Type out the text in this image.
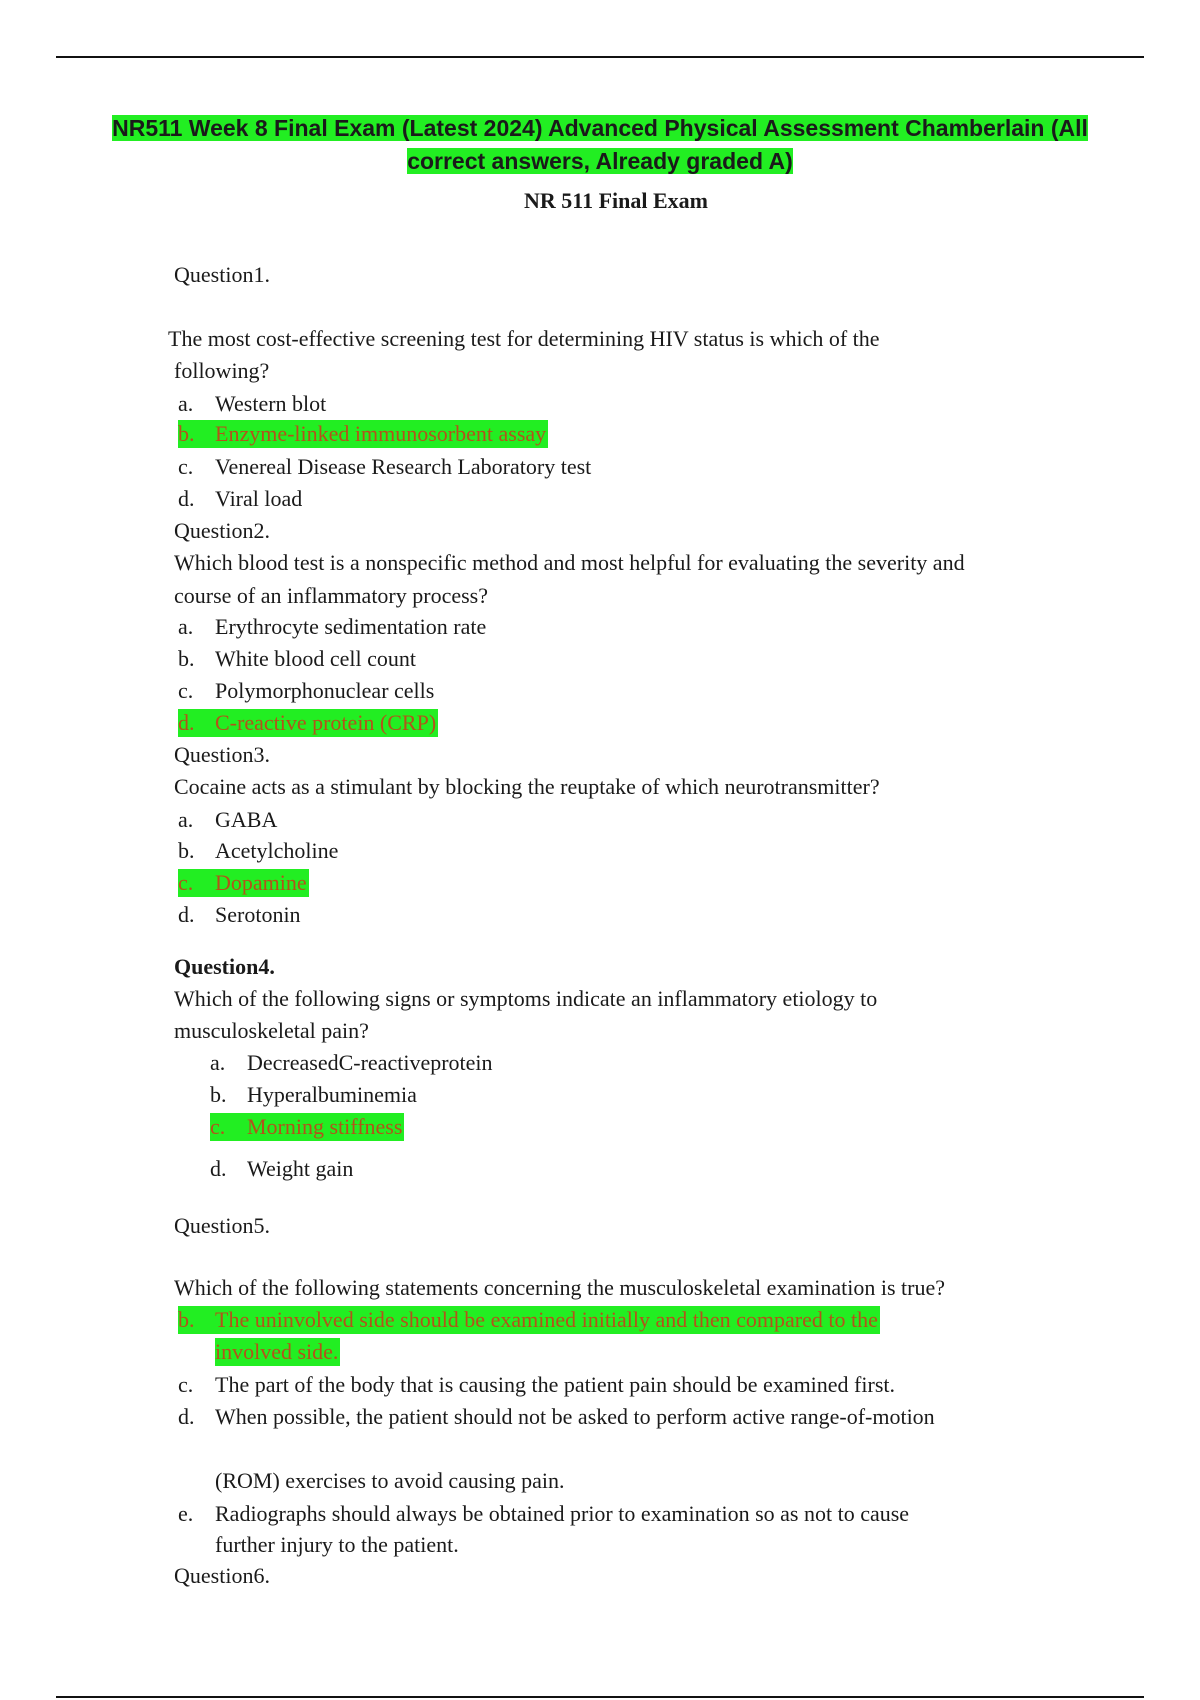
NR511 Week 8 Final Exam (Latest 2024) Advanced Physical Assessment Chamberlain (All
correct answers, Already graded A)
NR 511 Final Exam
Question1.
The most cost-effective screening test for determining HIV status is which of the
following?
a. Western blot
b. Enzyme-linked immunosorbent assay
c. Venereal Disease Research Laboratory test
d. Viral load
Question2.
Which blood test is a nonspecific method and most helpful for evaluating the severity and
course of an inflammatory process?
a. Erythrocyte sedimentation rate
b. White blood cell count
c. Polymorphonuclear cells
d. C-reactive protein (CRP)
Question3.
Cocaine acts as a stimulant by blocking the reuptake of which neurotransmitter?
a. GABA
b. Acetylcholine
c. Dopamine
d. Serotonin
Question4.
Which of the following signs or symptoms indicate an inflammatory etiology to
musculoskeletal pain?
a. DecreasedC-reactiveprotein
b. Hyperalbuminemia
c. Morning stiffness
d. Weight gain
Question5.
Which of the following statements concerning the musculoskeletal examination is true?
b. The uninvolved side should be examined initially and then compared to the
involved side.
c. The part of the body that is causing the patient pain should be examined first.
d. When possible, the patient should not be asked to perform active range-of-motion
(ROM) exercises to avoid causing pain.
e. Radiographs should always be obtained prior to examination so as not to cause
further injury to the patient.
Question6.
